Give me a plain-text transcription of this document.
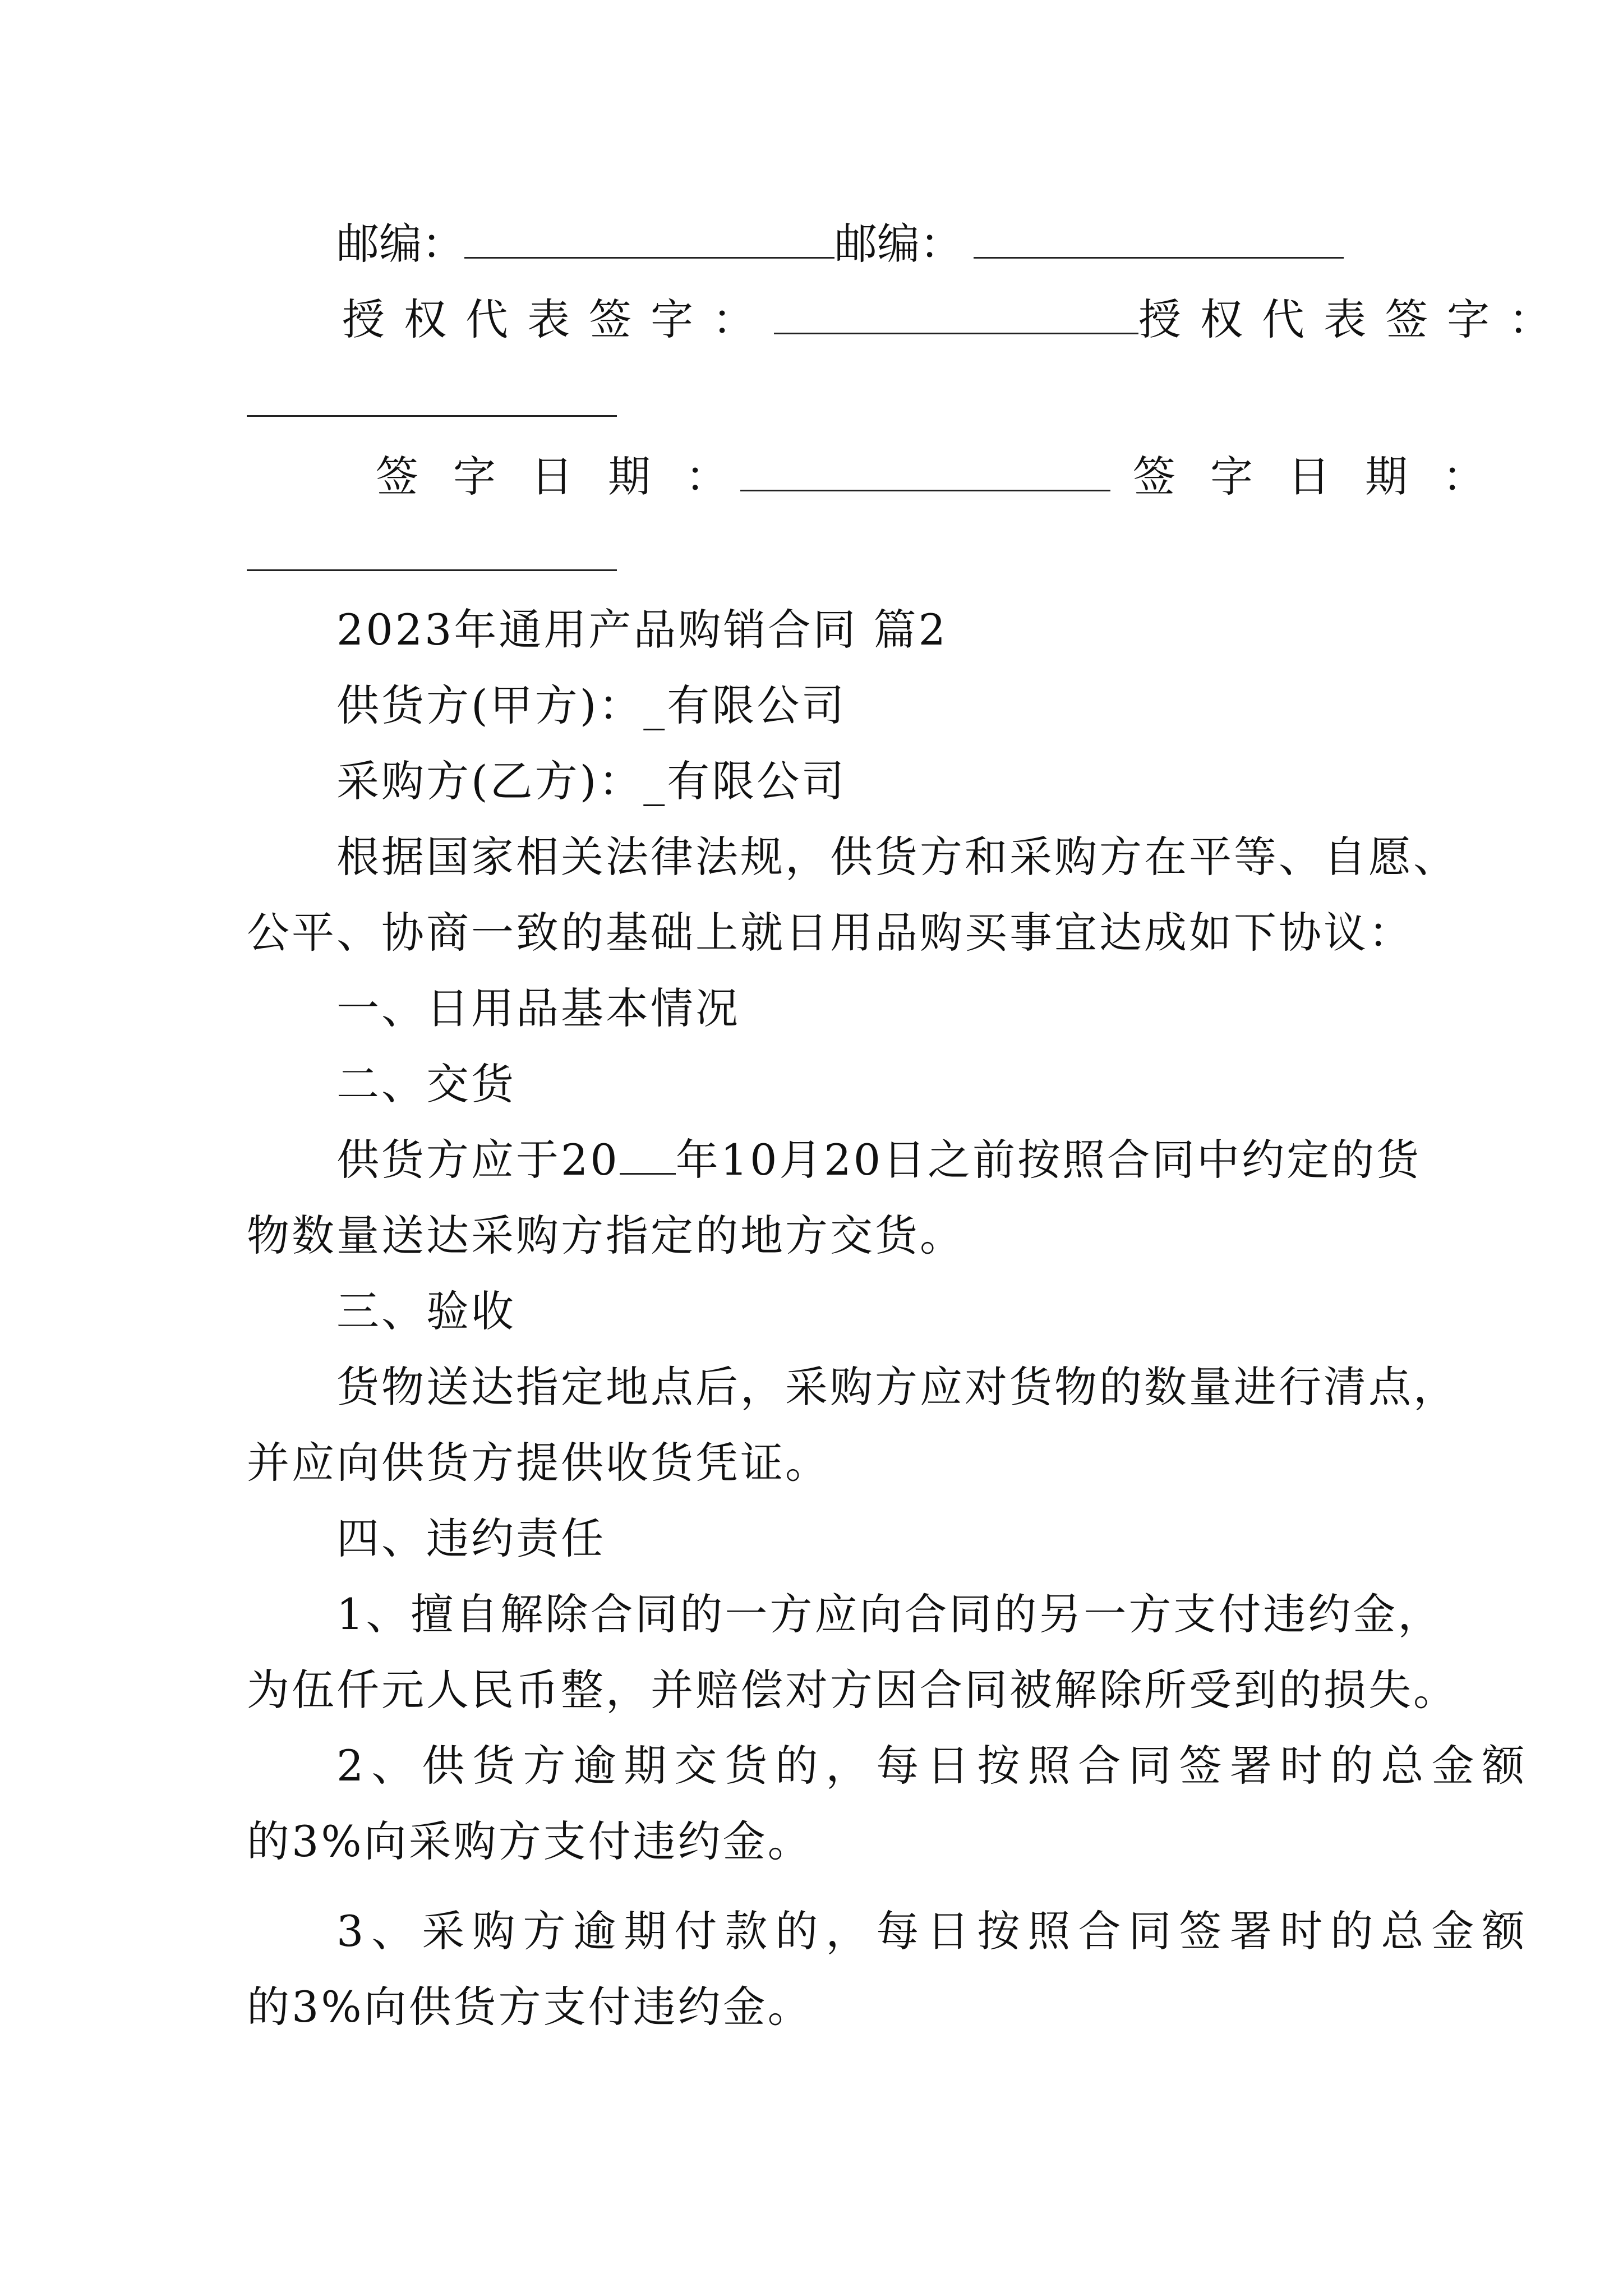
邮编：	邮编：
授权代表签字：	授权代表签字：
签字日期：	签字日期：
2023年通用产品购销合同 篇2
供货方(甲方)：_有限公司
采购方(乙方)：_有限公司
根据国家相关法律法规，供货方和采购方在平等、自愿、
公平、协商一致的基础上就日用品购买事宜达成如下协议：
一、日用品基本情况
二、交货
供货方应于20 年10月20日之前按照合同中约定的货
物数量送达采购方指定的地方交货。
三、验收
货物送达指定地点后，采购方应对货物的数量进行清点，
并应向供货方提供收货凭证。
四、违约责任
1、擅自解除合同的一方应向合同的另一方支付违约金，
为伍仟元人民币整，并赔偿对方因合同被解除所受到的损失。
2、供货方逾期交货的，每日按照合同签署时的总金额
的3%向采购方支付违约金。
3、采购方逾期付款的，每日按照合同签署时的总金额
的3%向供货方支付违约金。
